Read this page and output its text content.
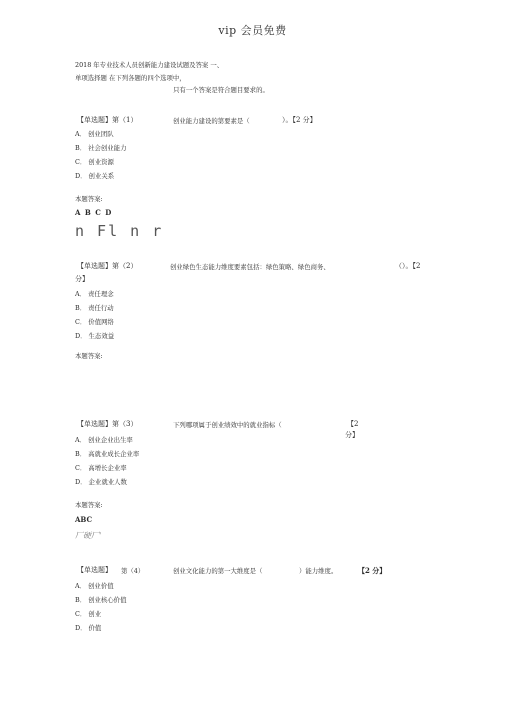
vip 会员免费
2018 年专业技术人员创新能力建设试题及答案 一、
单项选择题 在下列各题的四个选项中，
只有一个答案是符合题目要求的。
【单选题】第（1）	创业能力建设的第要素是（	）。【2 分】
A． 创业团队
B． 社会创业能力
C． 创业资源
D． 创业关系
本题答案:
A B C D
n Fl n r
【单选题】第（2）	创业绿色生态能力维度要素包括：绿色策略、绿色商务、	（）。【2
分】
A． 责任理念
B． 责任行动
C． 价值网络
D． 生态效益
本题答案:
【单选题】第（3）	下列哪项属于创业绩效中的就业指标（	【2
分】
A． 创业企业出生率
B． 高就业成长企业率
C． 高增长企业率
D． 企业就业人数
本题答案:
ABC
厂硬厂'
【单选题】 第（4）	创业文化能力的第一大维度是（	）能力维度。	【2 分】
A． 创业价值
B． 创业核心价值
C． 创业
D． 价值
